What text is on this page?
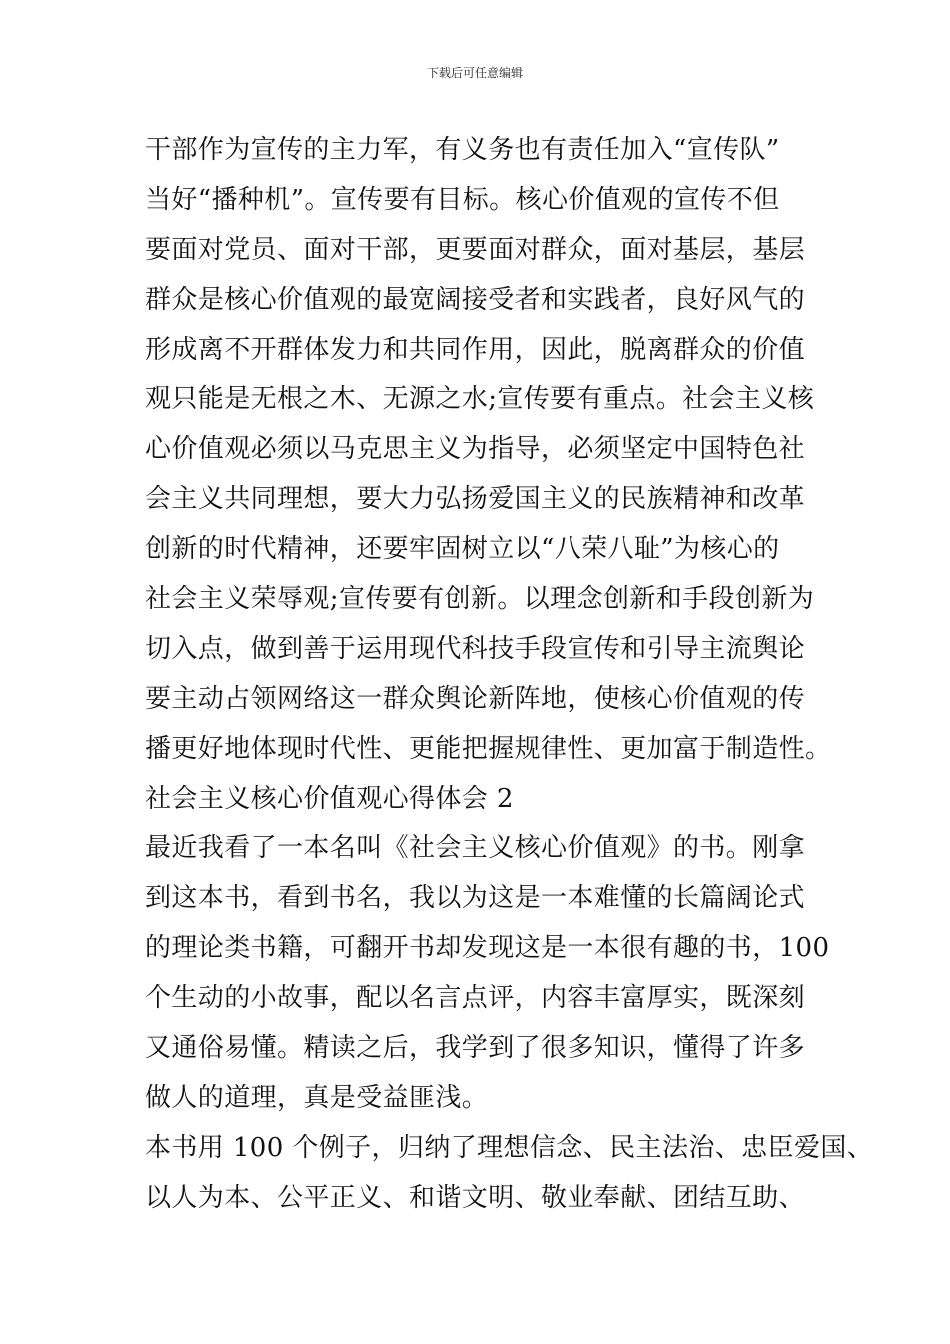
下载后可任意编辑
干部作为宣传的主力军，有义务也有责任加入“宣传队”
当好“播种机”。宣传要有目标。核心价值观的宣传不但
要面对党员、面对干部，更要面对群众，面对基层，基层
群众是核心价值观的最宽阔接受者和实践者，良好风气的
形成离不开群体发力和共同作用，因此，脱离群众的价值
观只能是无根之木、无源之水;宣传要有重点。社会主义核
心价值观必须以马克思主义为指导，必须坚定中国特色社
会主义共同理想，要大力弘扬爱国主义的民族精神和改革
创新的时代精神，还要牢固树立以“八荣八耻”为核心的
社会主义荣辱观;宣传要有创新。以理念创新和手段创新为
切入点，做到善于运用现代科技手段宣传和引导主流舆论
要主动占领网络这一群众舆论新阵地，使核心价值观的传
播更好地体现时代性、更能把握规律性、更加富于制造性。
社会主义核心价值观心得体会 2
最近我看了一本名叫《社会主义核心价值观》的书。刚拿
到这本书，看到书名，我以为这是一本难懂的长篇阔论式
的理论类书籍，可翻开书却发现这是一本很有趣的书，100
个生动的小故事，配以名言点评，内容丰富厚实，既深刻
又通俗易懂。精读之后，我学到了很多知识，懂得了许多
做人的道理，真是受益匪浅。
本书用 100 个例子，归纳了理想信念、民主法治、忠臣爱国、
以人为本、公平正义、和谐文明、敬业奉献、团结互助、
